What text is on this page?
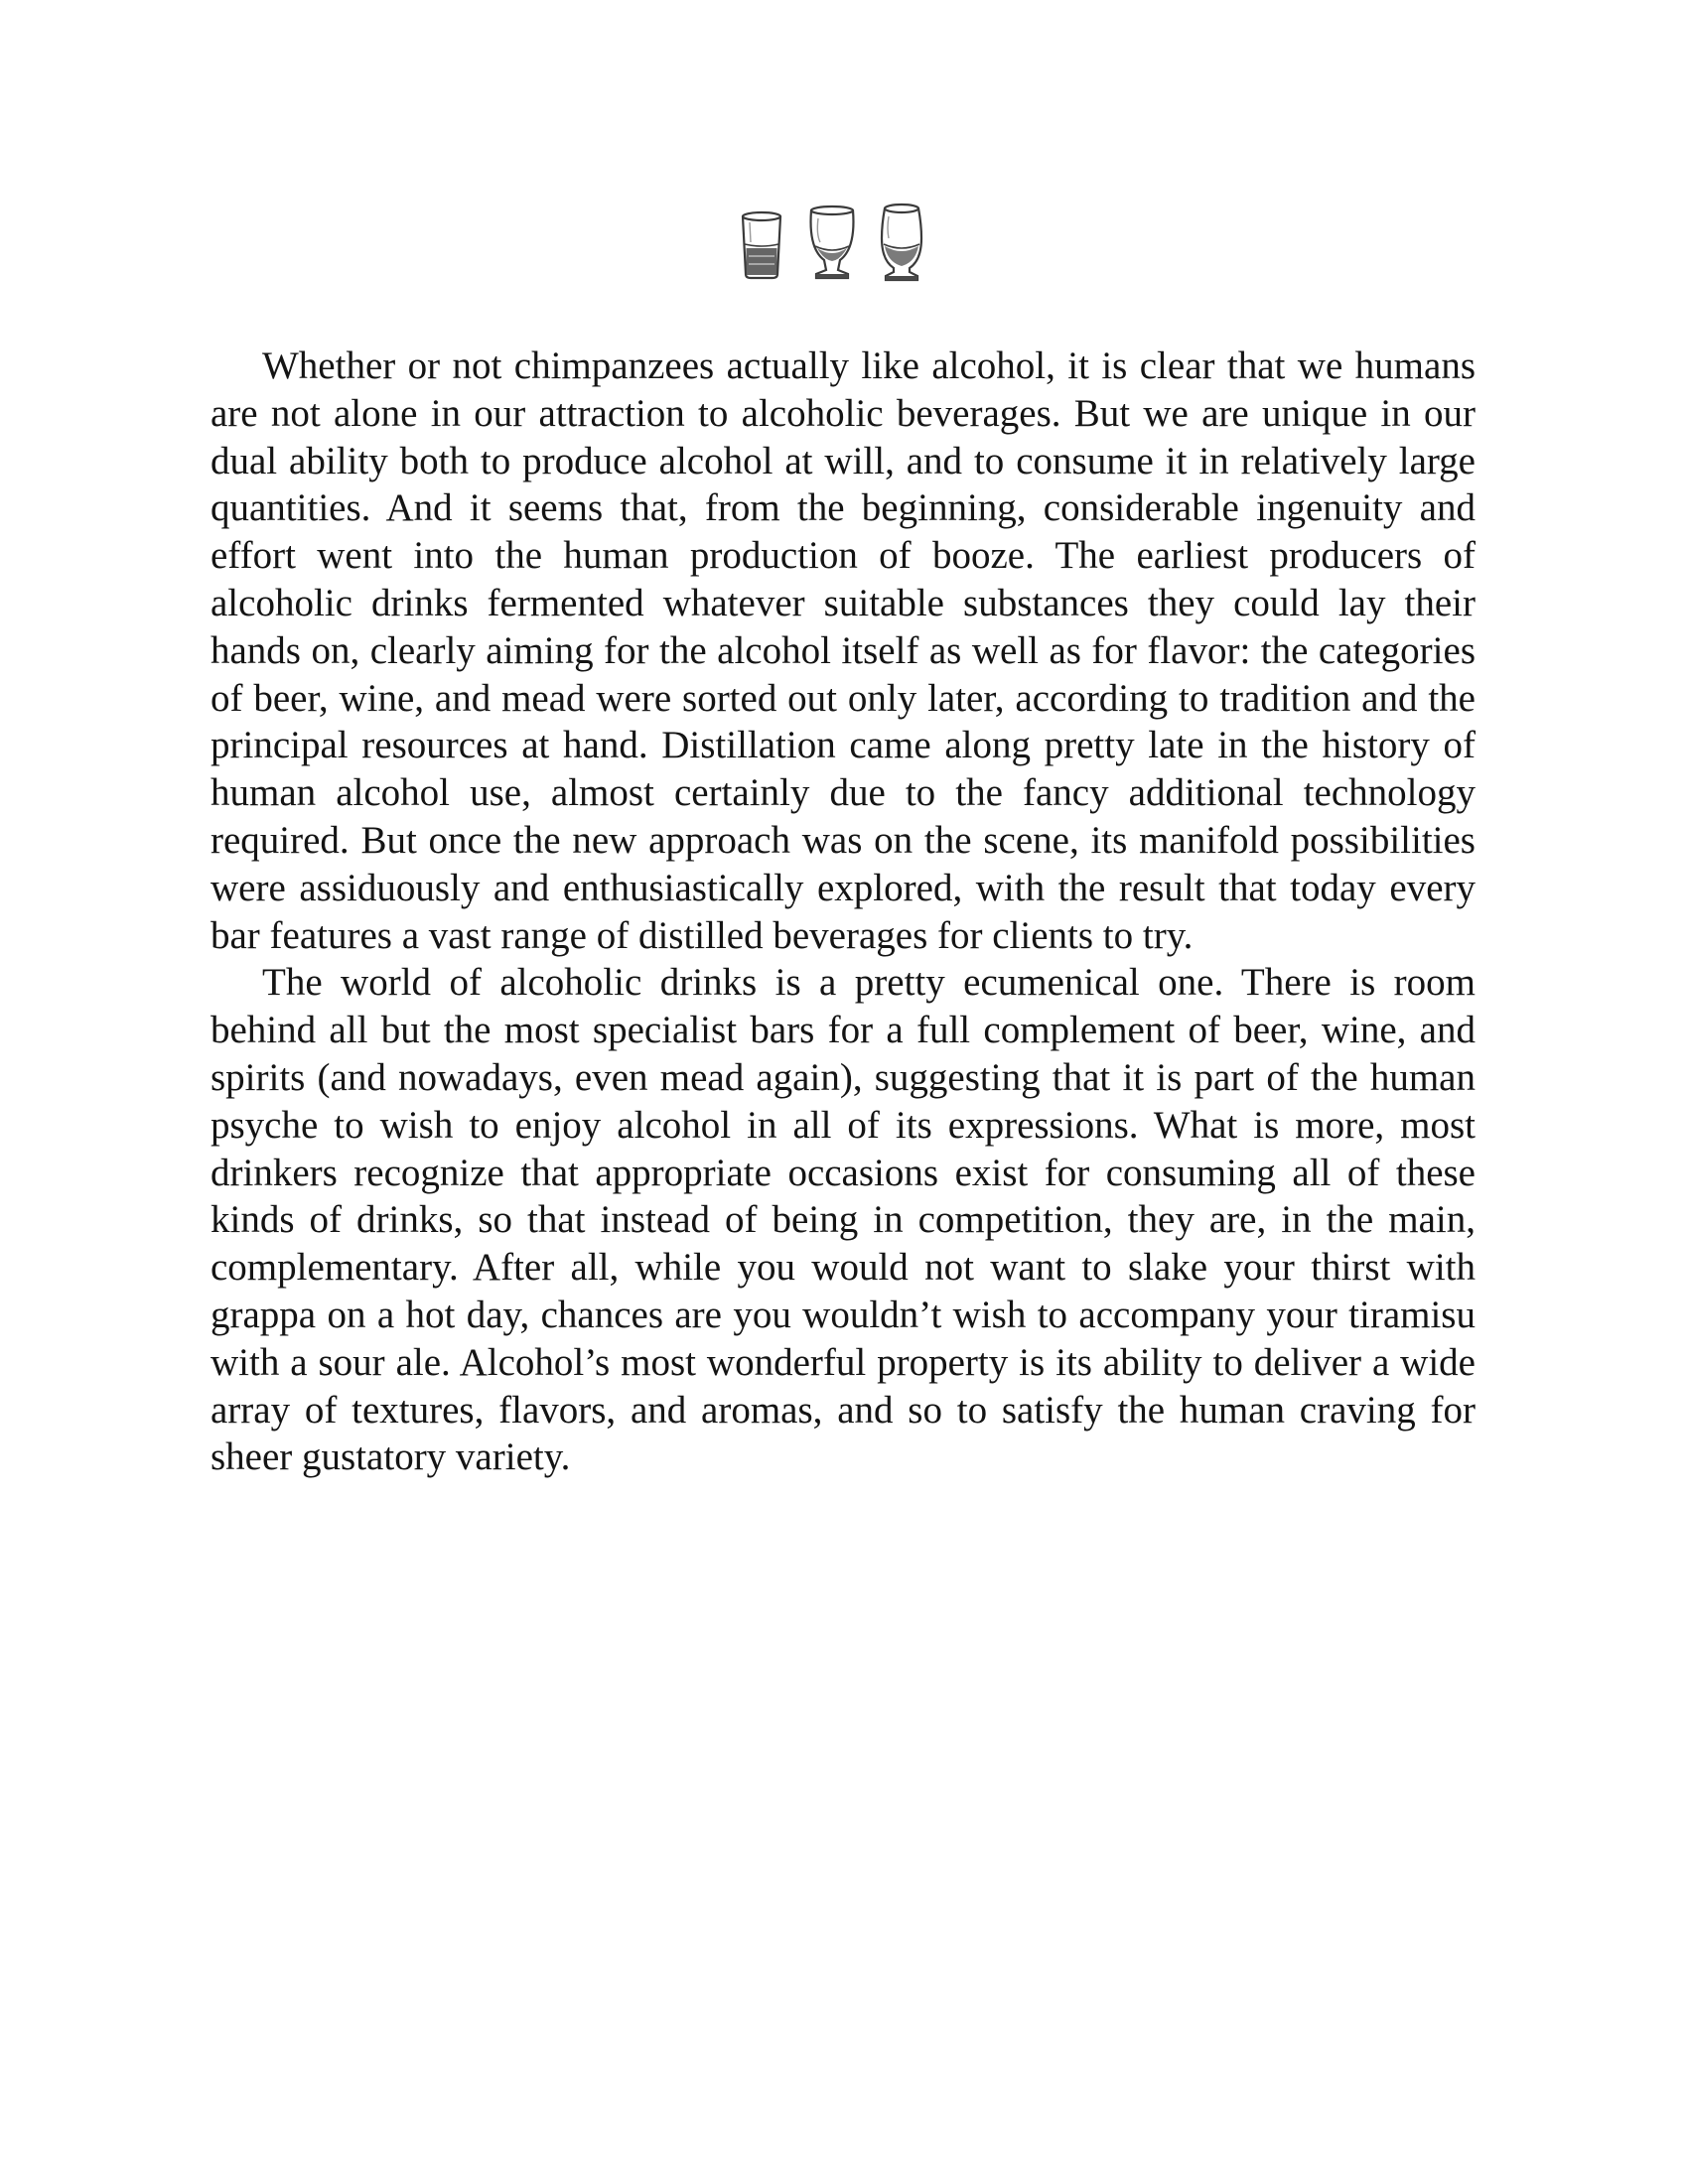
Whether or not chimpanzees actually like alcohol, it is clear that we humans are not alone in our attraction to alcoholic beverages. But we are unique in our dual ability both to produce alcohol at will, and to consume it in relatively large quantities. And it seems that, from the beginning, considerable ingenuity and effort went into the human production of booze. The earliest producers of alcoholic drinks fermented whatever suitable substances they could lay their hands on, clearly aiming for the alcohol itself as well as for flavor: the categories of beer, wine, and mead were sorted out only later, according to tradition and the principal resources at hand. Distillation came along pretty late in the history of human alcohol use, almost certainly due to the fancy additional technology required. But once the new approach was on the scene, its manifold possibilities were assiduously and enthusiastically explored, with the result that today every bar features a vast range of distilled beverages for clients to try.

The world of alcoholic drinks is a pretty ecumenical one. There is room behind all but the most specialist bars for a full complement of beer, wine, and spirits (and nowadays, even mead again), suggesting that it is part of the human psyche to wish to enjoy alcohol in all of its expressions. What is more, most drinkers recognize that appropriate occasions exist for consuming all of these kinds of drinks, so that instead of being in competition, they are, in the main, complementary. After all, while you would not want to slake your thirst with grappa on a hot day, chances are you wouldn’t wish to accompany your tiramisu with a sour ale. Alcohol’s most wonderful property is its ability to deliver a wide array of textures, flavors, and aromas, and so to satisfy the human craving for sheer gustatory variety.
